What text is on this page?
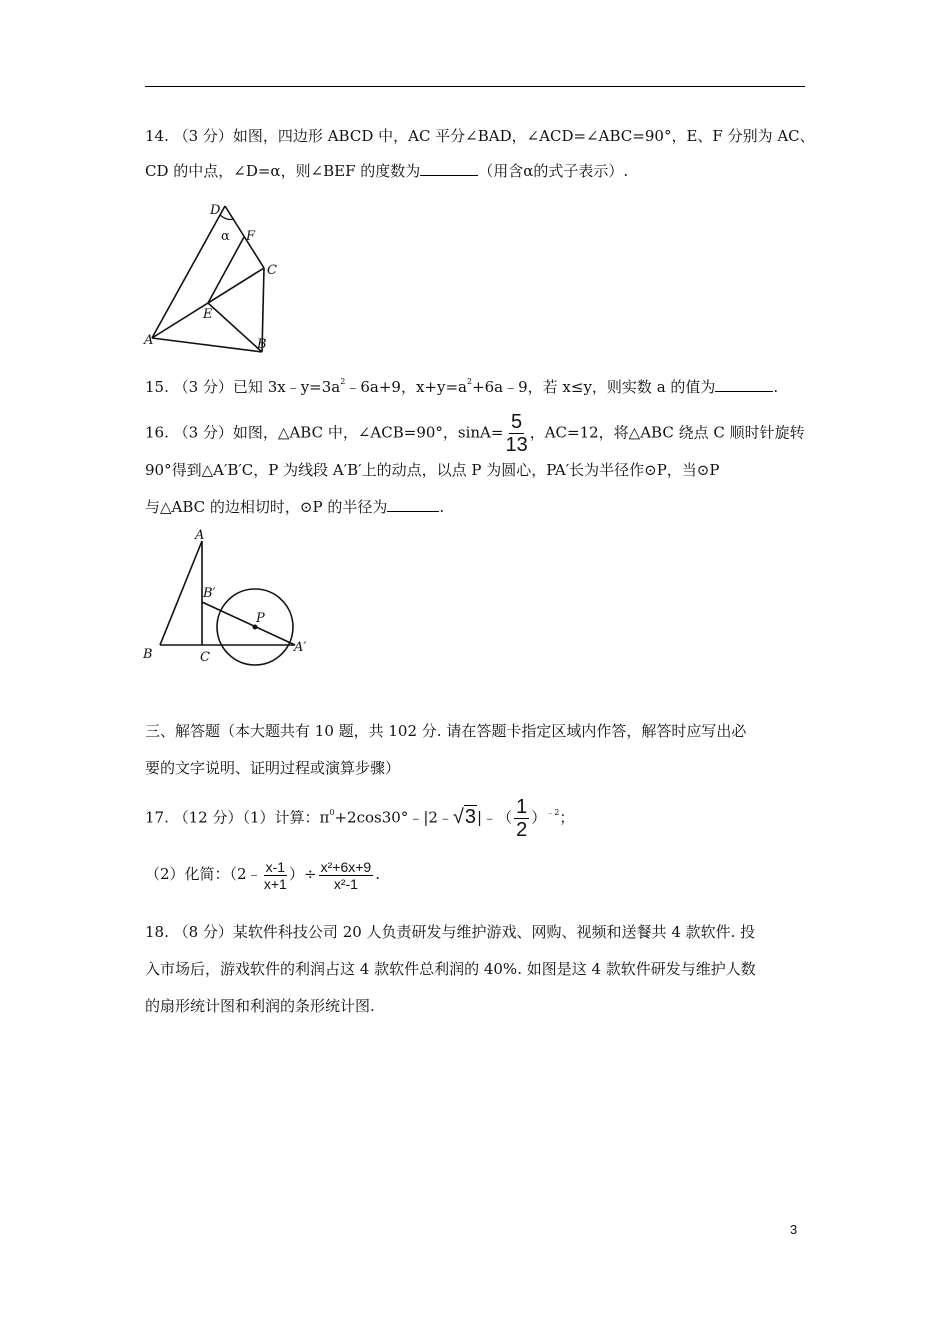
14. （3 分）如图，四边形 ABCD 中，AC 平分∠BAD，∠ACD=∠ABC=90°，E、F 分别为 AC、
CD 的中点，∠D=α，则∠BEF 的度数为	（用含α的式子表示）.
D
α F
C
E
A	B
15. （3 分）已知 $3x﹣y=3a^2﹣6a+9$，$x+y=a^2+6a﹣9$，若 x≤y，则实数 a 的值为	.
16. （3 分）如图，△ABC 中，∠ACB=90°，$\sin A= \frac{5}{13}$ ，AC=12，将△ABC 绕点 C 顺时针旋转
90°得到△A′B′C，P 为线段 A′B′上的动点，以点 P 为圆心，PA′长为半径作⊙P，当⊙P
与△ABC 的边相切时，⊙P 的半径为	.
A
B′
P
B	C
A′
三、解答题（本大题共有 10 题，共 102 分. 请在答题卡指定区域内作答，解答时应写出必
要的文字说明、证明过程或演算步骤）
17. （12 分）（1）计算：$\pi^0+2\cos 30^\circ﹣|2﹣√3|﹣( \frac{1}{2} )^{﹣2}$；
（2）化简：（2﹣ $\frac{x-1}{x+1}$ ）÷ $\frac{\text{x²+6x+9}}{\text{x²-1}}$ .
18. （8 分）某软件科技公司 20 人负责研发与维护游戏、网购、视频和送餐共 4 款软件. 投
入市场后，游戏软件的利润占这 4 款软件总利润的 40%. 如图是这 4 款软件研发与维护人数
的扇形统计图和利润的条形统计图.
3
